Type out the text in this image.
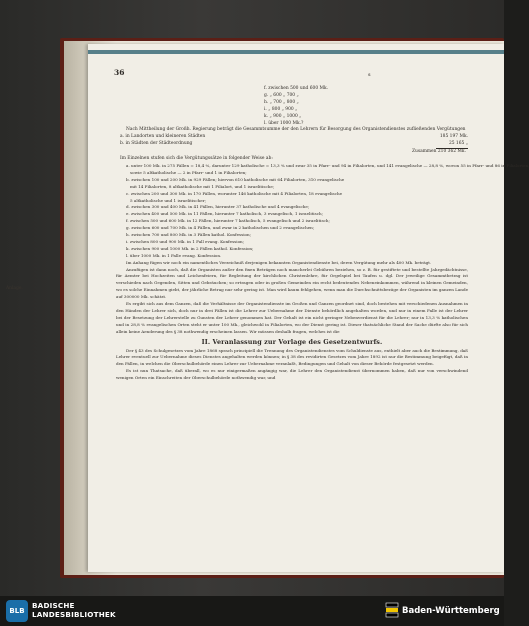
36	s
f. zwischen 500 und 600 Mk.
g. „ 600 „ 700 „
h. „ 700 „ 800 „
i. „ 800 „ 900 „
k. „ 900 „ 1000 „
l. über 1000 Mk.?
Nach Mittheilung der Großh. Regierung beträgt die Gesammtsumme der den Lehrern für Besorgung des Organistendienstes zufließenden Vergütungen
a. in Landorten und kleineren Städten	185 197 Mk.
b. in Städten der Städteordnung	25 165 „
Zusammen 210 362 Mk.
Im Einzelnen stufen sich die Vergütungssätze in folgender Weise ab:
a. unter 100 Mk. in 275 Fällen = 18,4 %, darunter 129 katholische = 13,3 % und zwar 35 in Pfarr- und 94 in Filialorten, und 141 evangelische — 28,8 %, wovon 55 in Pfarr- und 86 in Filialorten,
sowie 5 altkatholische — 2 in Pfarr- und 1 in Filialorten;
b. zwischen 100 und 200 Mk. in 929 Fällen; hiervon 610 katholische mit 64 Filialorten, 310 evangelische
mit 14 Filialorten, 8 altkatholische mit 1 Filialort, und 1 israelitische;
c. zwischen 200 und 300 Mk. in 170 Fällen, worunter 146 katholische mit 4 Filialorten, 18 evangelische
5 altkatholische und 1 israelitischer;
d. zwischen 300 und 400 Mk. in 41 Fällen, hierunter 37 katholische und 4 evangelische;
e. zwischen 400 und 500 Mk. in 11 Fällen, hierunter 7 katholisch, 3 evangelisch, 1 israelitisch;
f. zwischen 500 und 600 Mk. in 12 Fällen, hierunter 7 katholisch, 5 evangelisch und 2 israelitisch;
g. zwischen 600 und 700 Mk. in 4 Fällen, und zwar in 2 katholischen und 2 evangelischen;
h. zwischen 700 und 800 Mk. in 3 Fällen kathol. Konfession;
i. zwischen 800 und 900 Mk. in 1 Fall evang. Konfession;
k. zwischen 900 und 1000 Mk. in 2 Fällen kathol. Konfession;
l. über 1000 Mk. in 1 Falle evang. Konfession.
Im Anhang fügen wir noch ein namentliches Verzeichniß derjenigen bekannten Organistendienste bei, deren Vergütung mehr als 400 Mk. beträgt.
Anzufügen ist dann noch, daß die Organisten außer den fixen Beträgen noch mancherlei Gebühren beziehen, so z. B. für gestiftete und bestellte Jahrgedächtnisse, für Aemter bei Hochzeiten und Leichenfeiern, für Begleitung der kirchlichen Christenlehre, für Orgelspiel bei Taufen u. dgl. Der jeweilige Gesammtbetrag ist verschieden nach Gegenden, Sitten und Gebräuchen; so ertragen oder in großen Gemeinden ein recht bedeutendes Nebeneinkommen, während in kleinen Gemeinden, wo es solche Einnahmen giebt, der jährliche Betrag nur sehr gering ist. Man wird kaum fehlgehen, wenn man die Durchschnittsbezüge der Organisten im ganzen Lande auf 300000 Mk. schätzt.
Es ergibt sich aus dem Ganzen, daß die Verhältnisse der Organistendienste im Großen und Ganzen geordnet sind, doch bestehen mit verschiedenen Ausnahmen in den Händen der Lehrer sich, doch nur in drei Fällen ist die Lehrer zur Uebernahme der Dienste behördlich angehalten worden, und nur in einem Falle ist der Lehrer bei der Besetzung der Lehrerstelle zu Gunsten der Lehrer genommen hat. Der Gehalt ist ein nicht geringer Nebenverdienst für die Lehrer; nur in 13,3 % katholischen und in 28,8 % evangelischen Orten steht er unter 100 Mk., gleichwohl in Filialorten, wo der Dienst gering ist. Dieser thatsächliche Stand der Sache dürfte also für sich allein keine Aenderung des § 38 nothwendig erscheinen lassen. Wir müssen deshalb fragen, welches ist die
II. Veranlassung zur Vorlage des Gesetzentwurfs.
Der § 43 des Schulgesetzes vom Jahre 1868 sprach principiell die Trennung des Organistendienstes vom Schuldienste aus, enthielt aber auch die Bestimmung, daß Lehrer eventuell zur Uebernahme dieses Dienstes angehalten werden können; in § 38 des revidirten Gesetzes vom Jahre 1892 ist nur die Bestimmung beigefügt, daß in den Fällen, in welchen die Oberschulbehörde einen Lehrer zur Uebernahme veranlaßt, Bedingungen und Gehalt von dieser Behörde festgesetzt werden.
Es ist nun Thatsache, daß überall, wo es nur einigermaßen angängig war, die Lehrer den Organistendienst übernommen haben, daß nur von verschwindend wenigen Orten ein Einschreiten der Oberschulbehörde nothwendig war, und
Anlage.
BLB
BADISCHE
LANDESBIBLIOTHEK	Baden-Württemberg
